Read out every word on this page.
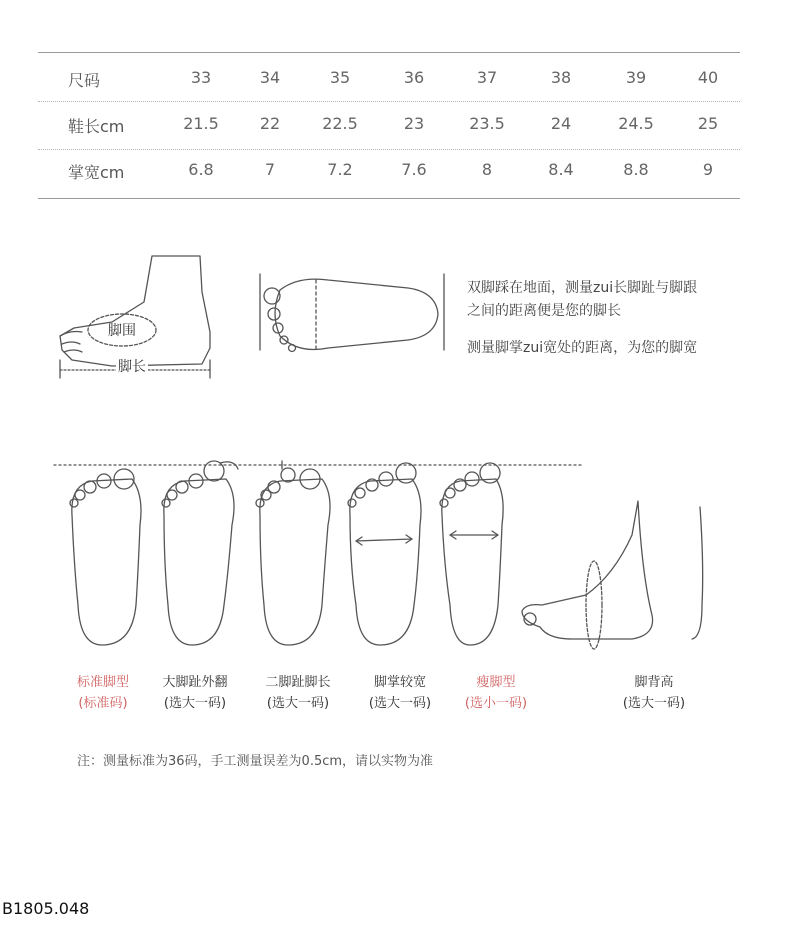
尺码	33	34	35	36	37	38	39	40
鞋长cm	21.5	22	22.5	23	23.5	24	24.5	25
掌宽cm	6.8	7	7.2	7.6	8	8.4	8.8	9
脚围
脚长
双脚踩在地面，测量zui长脚趾与脚跟
之间的距离便是您的脚长
测量脚掌zui宽处的距离，为您的脚宽
标准脚型
(标准码)
大脚趾外翻
(选大一码)
二脚趾脚长
(选大一码)
脚掌较宽
(选大一码)
瘦脚型
(选小一码)
脚背高
(选大一码)
注：测量标准为36码，手工测量误差为0.5cm，请以实物为准
B1805.048
